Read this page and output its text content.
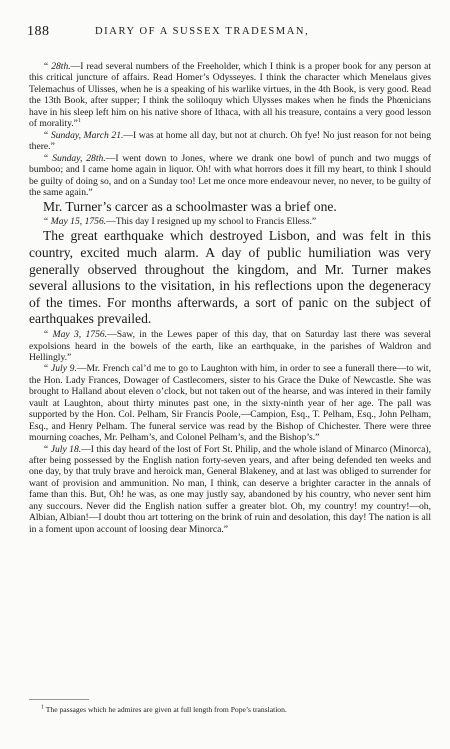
188	DIARY OF A SUSSEX TRADESMAN,

“ 28th.—I read several numbers of the Freeholder, which I think is a proper book for any person at this critical juncture of affairs. Read Homer’s Odysseyes. I think the character which Menelaus gives Telemachus of Ulisses, when he is a speaking of his warlike virtues, in the 4th Book, is very good. Read the 13th Book, after supper; I think the soliloquy which Ulysses makes when he finds the Phœnicians have in his sleep left him on his native shore of Ithaca, with all his treasure, contains a very good lesson of morality.”$^1$

“ Sunday, March 21.—I was at home all day, but not at church. Oh fye! No just reason for not being there.”

“ Sunday, 28th.—I went down to Jones, where we drank one bowl of punch and two muggs of bumboo; and I came home again in liquor. Oh! with what horrors does it fill my heart, to think I should be guilty of doing so, and on a Sunday too! Let me once more endeavour never, no never, to be guilty of the same again.”

Mr. Turner’s carcer as a schoolmaster was a brief one.

“ May 15, 1756.—This day I resigned up my school to Francis Elless.”

The great earthquake which destroyed Lisbon, and was felt in this country, excited much alarm. A day of public humiliation was very generally observed throughout the kingdom, and Mr. Turner makes several allusions to the visitation, in his reflections upon the degeneracy of the times. For months afterwards, a sort of panic on the subject of earthquakes prevailed.

“ May 3, 1756.—Saw, in the Lewes paper of this day, that on Saturday last there was several expolsions heard in the bowels of the earth, like an earthquake, in the parishes of Waldron and Hellingly.”

“ July 9.—Mr. French cal’d me to go to Laughton with him, in order to see a funerall there—to wit, the Hon. Lady Frances, Dowager of Castlecomers, sister to his Grace the Duke of Newcastle. She was brought to Halland about eleven o’clock, but not taken out of the hearse, and was intered in their family vault at Laughton, about thirty minutes past one, in the sixty-ninth year of her age. The pall was supported by the Hon. Col. Pelham, Sir Francis Poole,—Campion, Esq., T. Pelham, Esq., John Pelham, Esq., and Henry Pelham. The funeral service was read by the Bishop of Chichester. There were three mourning coaches, Mr. Pelham’s, and Colonel Pelham’s, and the Bishop’s.”

“ July 18.—I this day heard of the lost of Fort St. Philip, and the whole island of Minarco (Minorca), after being possessed by the English nation forty-seven years, and after being defended ten weeks and one day, by that truly brave and heroick man, General Blakeney, and at last was obliged to surrender for want of provision and ammunition. No man, I think, can deserve a brighter caracter in the annals of fame than this. But, Oh! he was, as one may justly say, abandoned by his country, who never sent him any succours. Never did the English nation suffer a greater blot. Oh, my country! my country!—oh, Albian, Albian!—I doubt thou art tottering on the brink of ruin and desolation, this day! The nation is all in a foment upon account of loosing dear Minorca.”

$^1$ The passages which he admires are given at full length from Pope’s translation.
